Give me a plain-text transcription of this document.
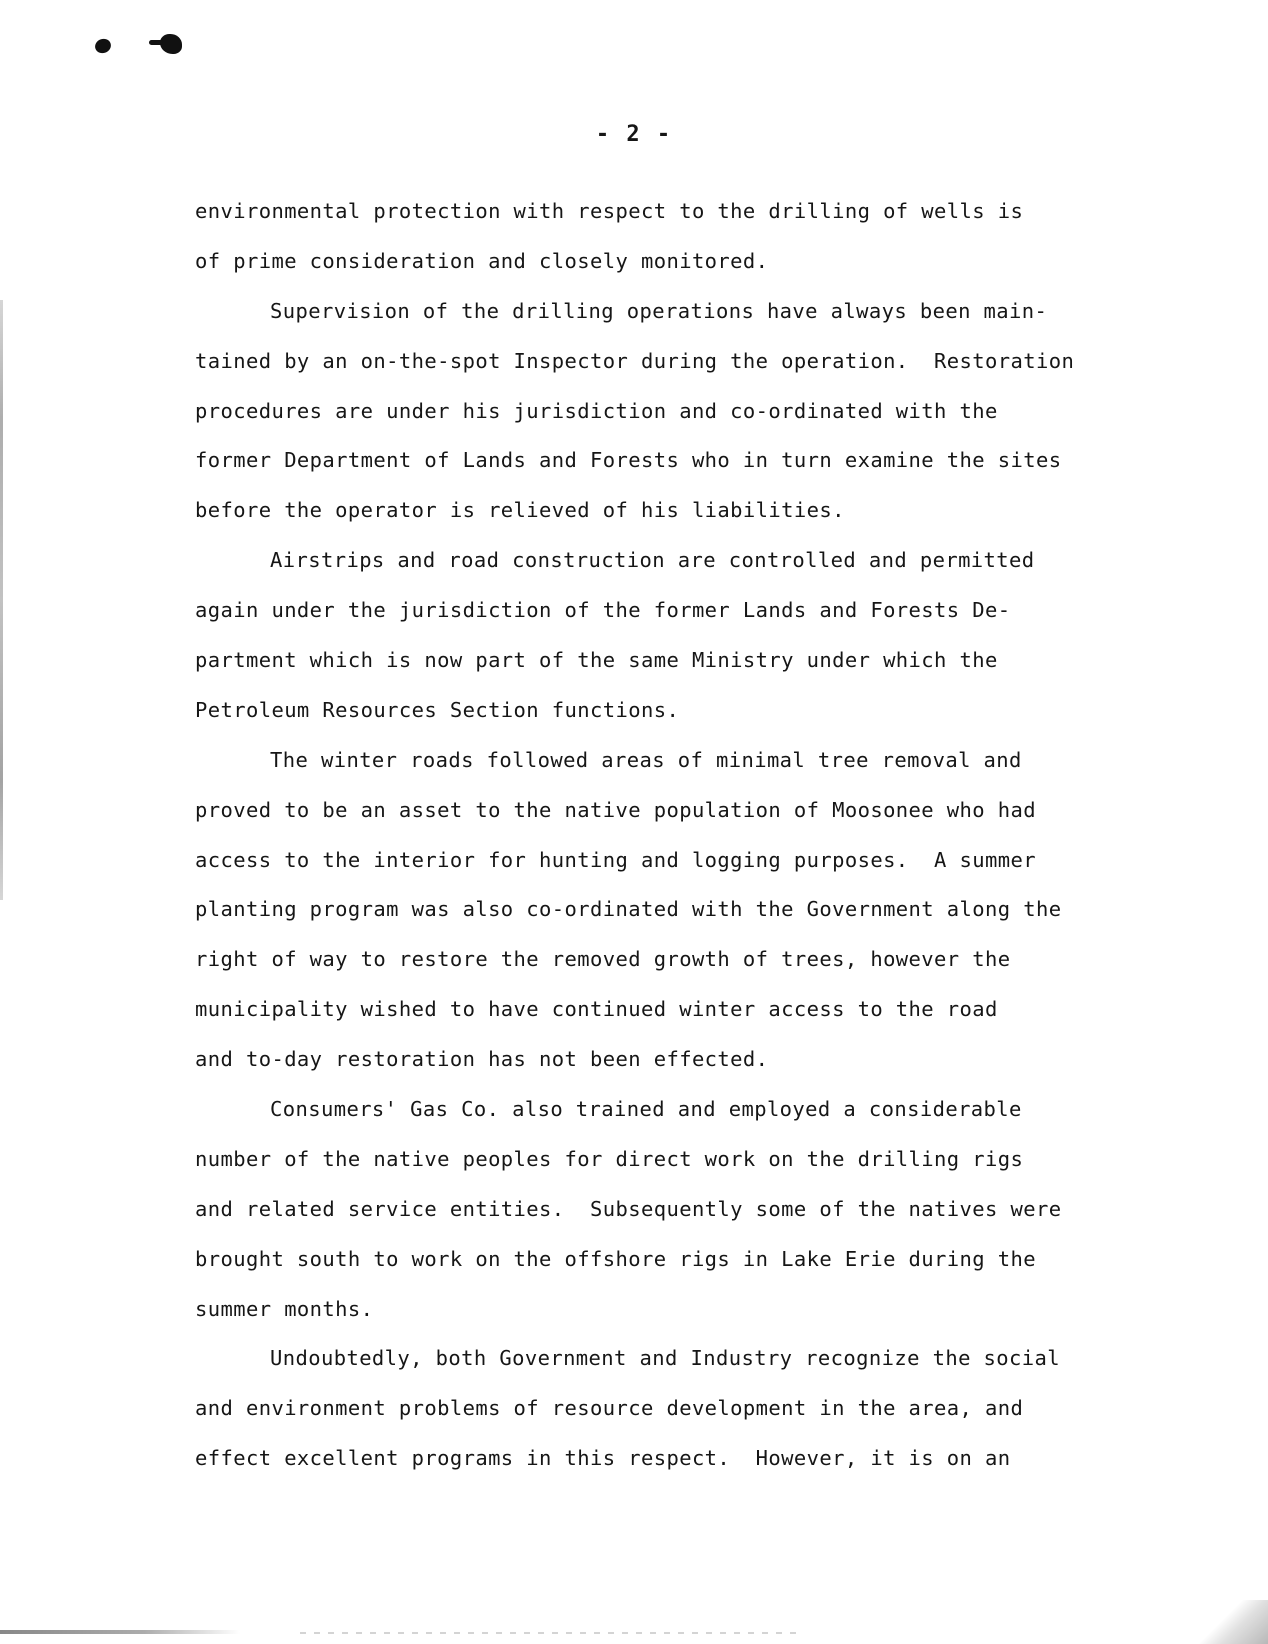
- 2 -
environmental protection with respect to the drilling of wells is
of prime consideration and closely monitored.
Supervision of the drilling operations have always been main-
tained by an on-the-spot Inspector during the operation.  Restoration
procedures are under his jurisdiction and co-ordinated with the
former Department of Lands and Forests who in turn examine the sites
before the operator is relieved of his liabilities.
Airstrips and road construction are controlled and permitted
again under the jurisdiction of the former Lands and Forests De-
partment which is now part of the same Ministry under which the
Petroleum Resources Section functions.
The winter roads followed areas of minimal tree removal and
proved to be an asset to the native population of Moosonee who had
access to the interior for hunting and logging purposes.  A summer
planting program was also co-ordinated with the Government along the
right of way to restore the removed growth of trees, however the
municipality wished to have continued winter access to the road
and to-day restoration has not been effected.
Consumers' Gas Co. also trained and employed a considerable
number of the native peoples for direct work on the drilling rigs
and related service entities.  Subsequently some of the natives were
brought south to work on the offshore rigs in Lake Erie during the
summer months.
Undoubtedly, both Government and Industry recognize the social
and environment problems of resource development in the area, and
effect excellent programs in this respect.  However, it is on an
